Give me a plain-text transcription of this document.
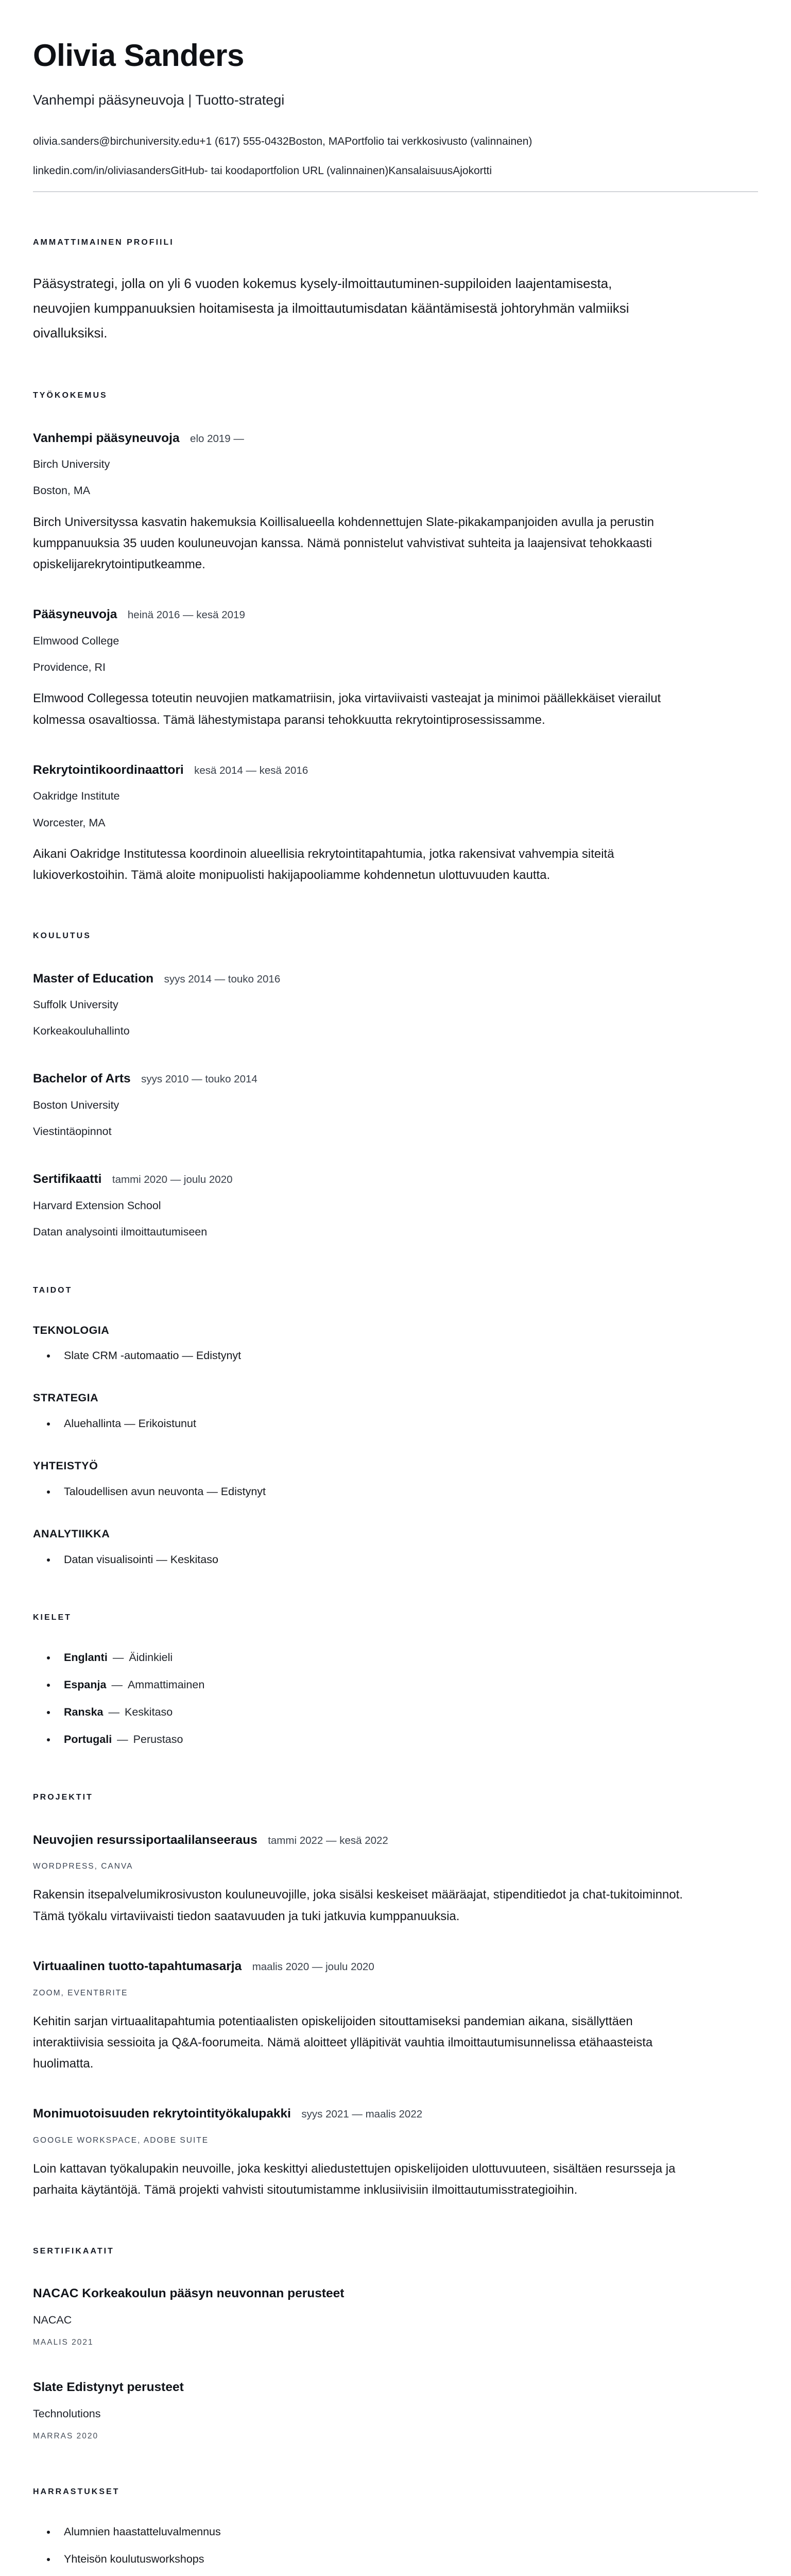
Olivia Sanders

Vanhempi pääsyneuvoja | Tuotto-strategi

olivia.sanders@birchuniversity.edu+1 (617) 555-0432Boston, MAPortfolio tai verkkosivusto (valinnainen)

linkedin.com/in/oliviasandersGitHub- tai koodaportfolion URL (valinnainen)KansalaisuusAjokortti

AMMATTIMAINEN PROFIILI

Pääsystrategi, jolla on yli 6 vuoden kokemus kysely-ilmoittautuminen-suppiloiden laajentamisesta, neuvojien kumppanuuksien hoitamisesta ja ilmoittautumisdatan kääntämisestä johtoryhmän valmiiksi oivalluksiksi.

TYÖKOKEMUS
Vanhempi pääsyneuvoja elo 2019 —

Birch University

Boston, MA

Birch Universityssa kasvatin hakemuksia Koillisalueella kohdennettujen Slate-pikakampanjoiden avulla ja perustin kumppanuuksia 35 uuden kouluneuvojan kanssa. Nämä ponnistelut vahvistivat suhteita ja laajensivat tehokkaasti opiskelijarekrytointiputkeamme.

Pääsyneuvoja heinä 2016 — kesä 2019

Elmwood College

Providence, RI

Elmwood Collegessa toteutin neuvojien matkamatriisin, joka virtaviivaisti vasteajat ja minimoi päällekkäiset vierailut kolmessa osavaltiossa. Tämä lähestymistapa paransi tehokkuutta rekrytointiprosessissamme.

Rekrytointikoordinaattori kesä 2014 — kesä 2016

Oakridge Institute

Worcester, MA

Aikani Oakridge Institutessa koordinoin alueellisia rekrytointitapahtumia, jotka rakensivat vahvempia siteitä lukioverkostoihin. Tämä aloite monipuolisti hakijapooliamme kohdennetun ulottuvuuden kautta.

KOULUTUS
Master of Education syys 2014 — touko 2016

Suffolk University

Korkeakouluhallinto

Bachelor of Arts syys 2010 — touko 2014

Boston University

Viestintäopinnot

Sertifikaatti tammi 2020 — joulu 2020

Harvard Extension School

Datan analysointi ilmoittautumiseen

TAIDOT
TEKNOLOGIA
• Slate CRM -automaatio — Edistynyt
STRATEGIA
• Aluehallinta — Erikoistunut
YHTEISTYÖ
• Taloudellisen avun neuvonta — Edistynyt
ANALYTIIKKA
• Datan visualisointi — Keskitaso
KIELET
• Englanti — Äidinkieli
• Espanja — Ammattimainen
• Ranska — Keskitaso
• Portugali — Perustaso
PROJEKTIT
Neuvojien resurssiportaalilanseeraus tammi 2022 — kesä 2022

WORDPRESS, CANVA

Rakensin itsepalvelumikrosivuston kouluneuvojille, joka sisälsi keskeiset määräajat, stipenditiedot ja chat-tukitoiminnot. Tämä työkalu virtaviivaisti tiedon saatavuuden ja tuki jatkuvia kumppanuuksia.

Virtuaalinen tuotto-tapahtumasarja maalis 2020 — joulu 2020

ZOOM, EVENTBRITE

Kehitin sarjan virtuaalitapahtumia potentiaalisten opiskelijoiden sitouttamiseksi pandemian aikana, sisällyttäen interaktiivisia sessioita ja Q&A-foorumeita. Nämä aloitteet ylläpitivät vauhtia ilmoittautumisunnelissa etähaasteista huolimatta.

Monimuotoisuuden rekrytointityökalupakki syys 2021 — maalis 2022

GOOGLE WORKSPACE, ADOBE SUITE

Loin kattavan työkalupakin neuvoille, joka keskittyi aliedustettujen opiskelijoiden ulottuvuuteen, sisältäen resursseja ja parhaita käytäntöjä. Tämä projekti vahvisti sitoutumistamme inklusiivisiin ilmoittautumisstrategioihin.

SERTIFIKAATIT
NACAC Korkeakoulun pääsyn neuvonnan perusteet

NACAC

MAALIS 2021

Slate Edistynyt perusteet

Technolutions

MARRAS 2020

HARRASTUKSET
• Alumnien haastatteluvalmennus
• Yhteisön koulutusworkshops
